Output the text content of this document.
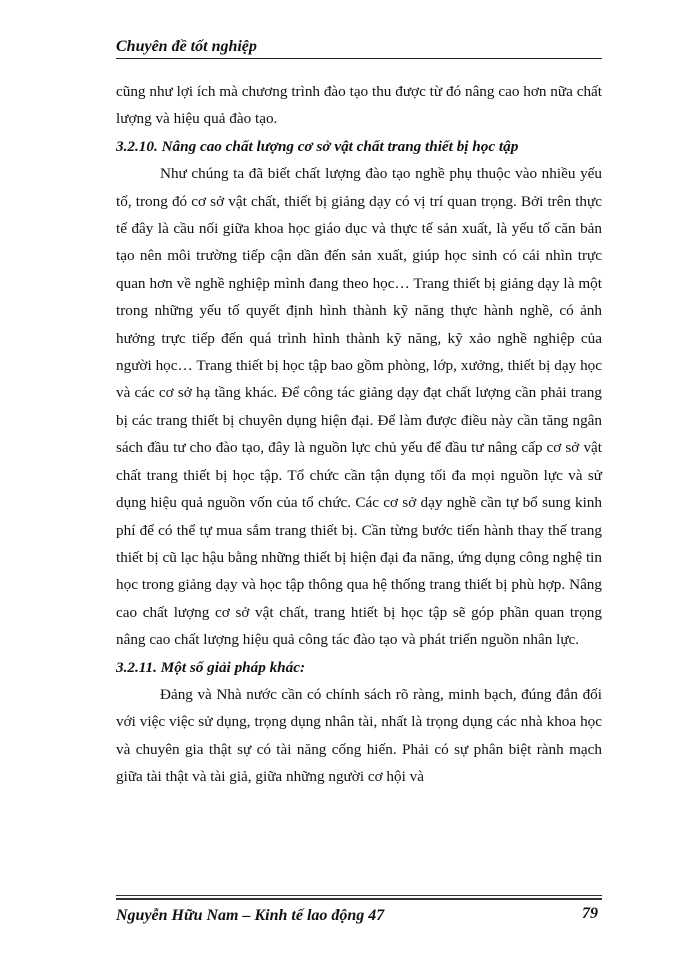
Chuyên đề tốt nghiệp

cũng như lợi ích mà chương trình đào tạo thu được từ đó nâng cao hơn nữa chất lượng và hiệu quả đào tạo.

3.2.10. Nâng cao chất lượng cơ sở vật chất trang thiết bị học tập

Như chúng ta đã biết chất lượng đào tạo nghề phụ thuộc vào nhiều yếu tố, trong đó cơ sở vật chất, thiết bị giảng dạy có vị trí quan trọng. Bởi trên thực tế đây là cầu nối giữa khoa học giáo dục và thực tế sản xuất, là yếu tố căn bản tạo nên môi trường tiếp cận dần đến sản xuất, giúp học sinh có cái nhìn trực quan hơn về nghề nghiệp mình đang theo học… Trang thiết bị giảng dạy là một trong những yếu tố quyết định hình thành kỹ năng thực hành nghề, có ảnh hưởng trực tiếp đến quá trình hình thành kỹ năng, kỹ xảo nghề nghiệp của người học… Trang thiết bị học tập bao gồm phòng, lớp, xưởng, thiết bị dạy học và các cơ sở hạ tầng khác. Để công tác giảng dạy đạt chất lượng cần phải trang bị các trang thiết bị chuyên dụng hiện đại. Để làm được điều này cần tăng ngân sách đầu tư cho đào tạo, đây là nguồn lực chủ yếu để đầu tư nâng cấp cơ sở vật chất trang thiết bị học tập. Tổ chức cần tận dụng tối đa mọi nguồn lực và sử dụng hiệu quả nguồn vốn của tổ chức. Các cơ sở dạy nghề cần tự bổ sung kinh phí để có thể tự mua sắm trang thiết bị. Cần từng bước tiến hành thay thế trang thiết bị cũ lạc hậu bằng những thiết bị hiện đại đa năng, ứng dụng công nghệ tin học trong giảng dạy và học tập thông qua hệ thống trang thiết bị phù hợp. Nâng cao chất lượng cơ sở vật chất, trang htiết bị học tập sẽ góp phần quan trọng nâng cao chất lượng hiệu quả công tác đào tạo và phát triển nguồn nhân lực.

3.2.11. Một số giải pháp khác:

Đảng và Nhà nước cần có chính sách rõ ràng, minh bạch, đúng đắn đối với việc việc sử dụng, trọng dụng nhân tài, nhất là trọng dụng các nhà khoa học và chuyên gia thật sự có tài năng cống hiến. Phải có sự phân biệt rành mạch giữa tài thật và tài giả, giữa những người cơ hội và

Nguyễn Hữu Nam – Kinh tế lao động 47	79
